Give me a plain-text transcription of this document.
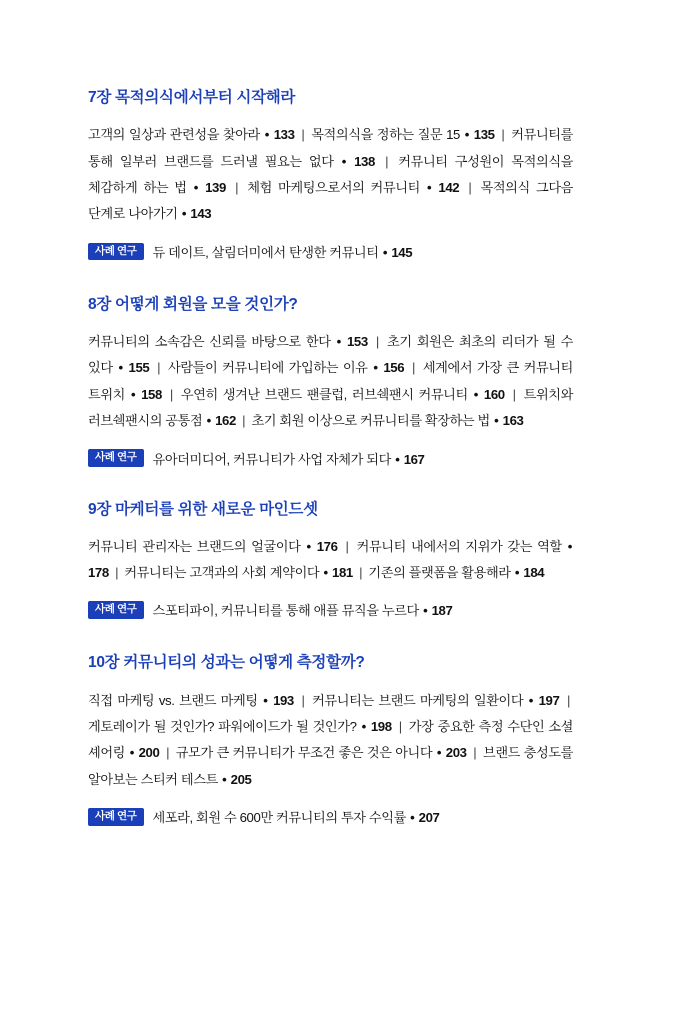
7장 목적의식에서부터 시작해라

고객의 일상과 관련성을 찾아라 • 133 | 목적의식을 정하는 질문 15 • 135 | 커뮤니티를 통해 일부러 브랜드를 드러낼 필요는 없다 • 138 | 커뮤니티 구성원이 목적의식을 체감하게 하는 법 • 139 | 체험 마케팅으로서의 커뮤니티 • 142 | 목적의식 그다음 단계로 나아가기 • 143

사례 연구	듀 데이트, 살림더미에서 탄생한 커뮤니티 • 145
8장 어떻게 회원을 모을 것인가?

커뮤니티의 소속감은 신뢰를 바탕으로 한다 • 153 | 초기 회원은 최초의 리더가 될 수 있다 • 155 | 사람들이 커뮤니티에 가입하는 이유 • 156 | 세계에서 가장 큰 커뮤니티 트위치 • 158 | 우연히 생겨난 브랜드 팬클럽, 러브쉑팬시 커뮤니티 • 160 | 트위치와 러브쉑팬시의 공통점 • 162 | 초기 회원 이상으로 커뮤니티를 확장하는 법 • 163

사례 연구	유아더미디어, 커뮤니티가 사업 자체가 되다 • 167
9장 마케터를 위한 새로운 마인드셋

커뮤니티 관리자는 브랜드의 얼굴이다 • 176 | 커뮤니티 내에서의 지위가 갖는 역할 • 178 | 커뮤니티는 고객과의 사회 계약이다 • 181 | 기존의 플랫폼을 활용해라 • 184

사례 연구	스포티파이, 커뮤니티를 통해 애플 뮤직을 누르다 • 187
10장 커뮤니티의 성과는 어떻게 측정할까?

직접 마케팅 vs. 브랜드 마케팅 • 193 | 커뮤니티는 브랜드 마케팅의 일환이다 • 197 | 게토레이가 될 것인가? 파워에이드가 될 것인가? • 198 | 가장 중요한 측정 수단인 소셜 셰어링 • 200 | 규모가 큰 커뮤니티가 무조건 좋은 것은 아니다 • 203 | 브랜드 충성도를 알아보는 스티커 테스트 • 205

사례 연구	세포라, 회원 수 600만 커뮤니티의 투자 수익률 • 207
